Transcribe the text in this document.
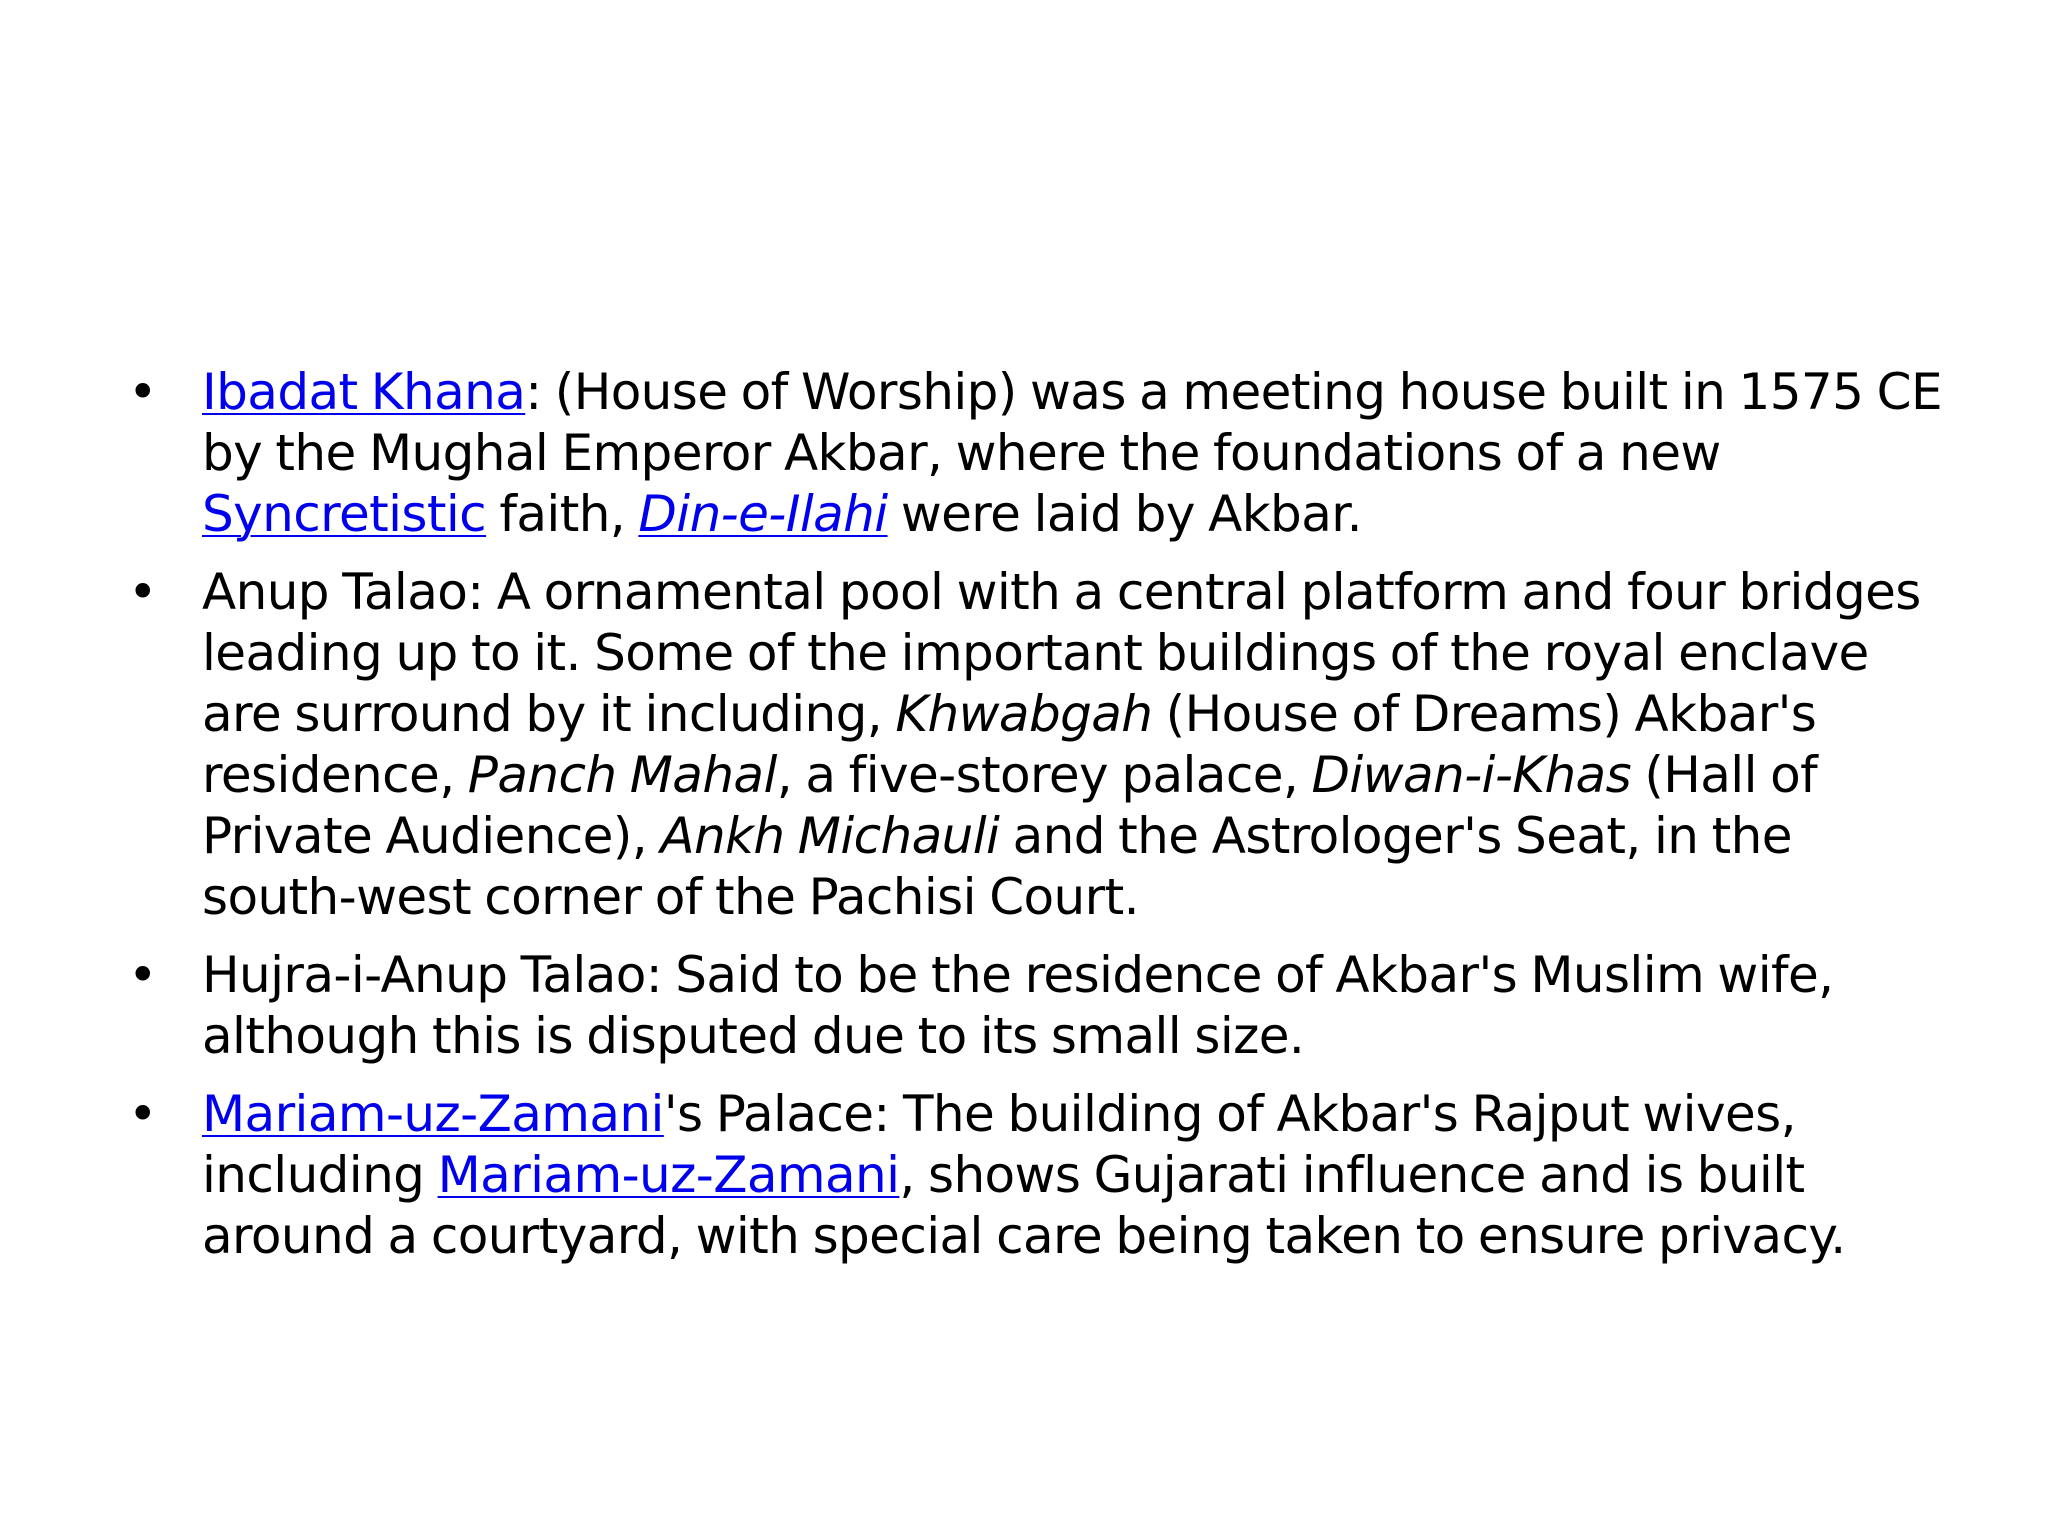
• Ibadat Khana: (House of Worship) was a meeting house built in 1575 CE by the Mughal Emperor Akbar, where the foundations of a new Syncretistic faith, Din-e-Ilahi were laid by Akbar.
• Anup Talao: A ornamental pool with a central platform and four bridges leading up to it. Some of the important buildings of the royal enclave are surround by it including, Khwabgah (House of Dreams) Akbar's residence, Panch Mahal, a five-storey palace, Diwan-i-Khas (Hall of Private Audience), Ankh Michauli and the Astrologer's Seat, in the south-west corner of the Pachisi Court.
• Hujra-i-Anup Talao: Said to be the residence of Akbar's Muslim wife, although this is disputed due to its small size.
• Mariam-uz-Zamani's Palace: The building of Akbar's Rajput wives, including Mariam-uz-Zamani, shows Gujarati influence and is built around a courtyard, with special care being taken to ensure privacy.
